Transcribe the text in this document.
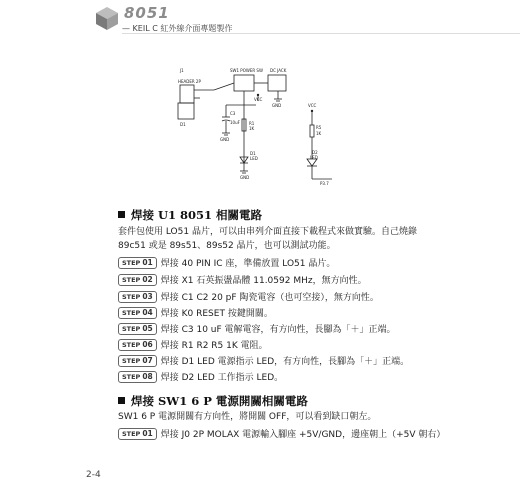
8051
— KEIL C 紅外線介面專題製作
J1	SW1 POWER SW DC JACK
HEADER 2P
D1
C3
10uF R1
1K
D1
LED
VCC
VCC
R5
1K
D2
LED
P3.7
GND
GND
GND
焊接 U1 8051 相關電路
套件包使用 LO51 晶片，可以由串列介面直接下載程式來做實驗。自己燒錄
89c51 或是 89s51、89s52 晶片，也可以測試功能。
STEP 01 焊接 40 PIN IC 座，準備放置 LO51 晶片。
STEP 02 焊接 X1 石英振盪晶體 11.0592 MHz，無方向性。
STEP 03 焊接 C1 C2 20 pF 陶瓷電容（也可空接），無方向性。
STEP 04 焊接 K0 RESET 按鍵開關。
STEP 05 焊接 C3 10 uF 電解電容，有方向性，長腳為「＋」正端。
STEP 06 焊接 R1 R2 R5 1K 電阻。
STEP 07 焊接 D1 LED 電源指示 LED，有方向性，長腳為「＋」正端。
STEP 08 焊接 D2 LED 工作指示 LED。
焊接 SW1 6 P 電源開關相關電路
SW1 6 P 電源開關有方向性，將開關 OFF，可以看到缺口朝左。
STEP 01 焊接 J0 2P MOLAX 電源輸入腳座 +5V/GND，邊座朝上（+5V 朝右）
2-4
